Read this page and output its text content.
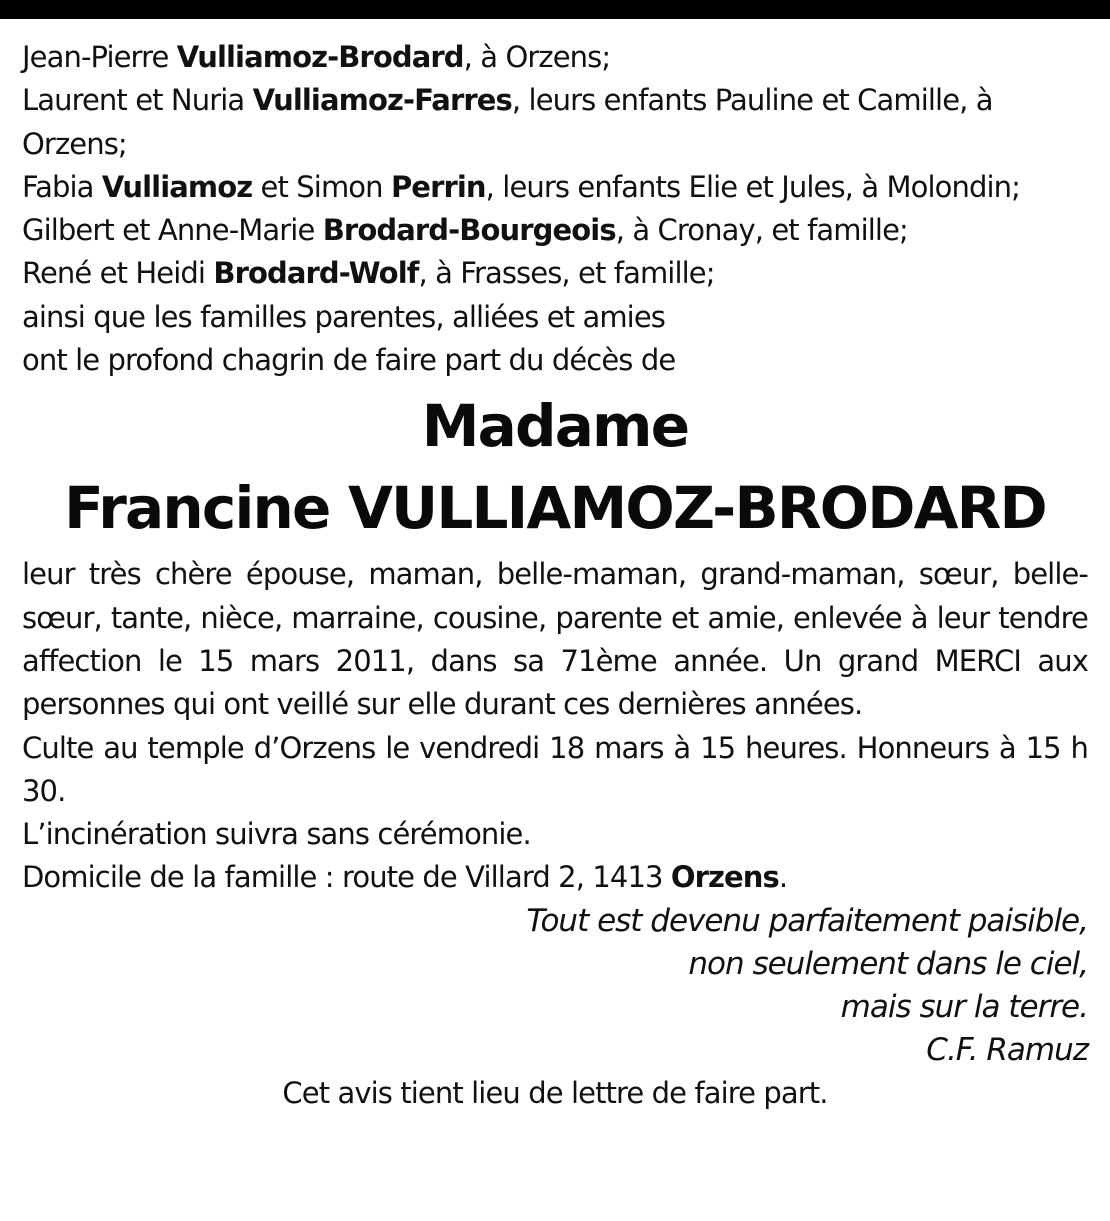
Jean-Pierre Vulliamoz-Brodard, à Orzens;
Laurent et Nuria Vulliamoz-Farres, leurs enfants Pauline et Camille, à Orzens;
Fabia Vulliamoz et Simon Perrin, leurs enfants Elie et Jules, à Molondin;
Gilbert et Anne-Marie Brodard-Bourgeois, à Cronay, et famille;
René et Heidi Brodard-Wolf, à Frasses, et famille;
ainsi que les familles parentes, alliées et amies
ont le profond chagrin de faire part du décès de
Madame
Francine VULLIAMOZ-BRODARD
leur très chère épouse, maman, belle-maman, grand-maman, sœur, belle-sœur, tante, nièce, marraine, cousine, parente et amie, enlevée à leur tendre affection le 15 mars 2011, dans sa 71ème année. Un grand MERCI aux personnes qui ont veillé sur elle durant ces dernières années.
Culte au temple d’Orzens le vendredi 18 mars à 15 heures. Honneurs à 15 h 30.
L’incinération suivra sans cérémonie.
Domicile de la famille : route de Villard 2, 1413 Orzens.
Tout est devenu parfaitement paisible,
non seulement dans le ciel,
mais sur la terre.
C.F. Ramuz
Cet avis tient lieu de lettre de faire part.
